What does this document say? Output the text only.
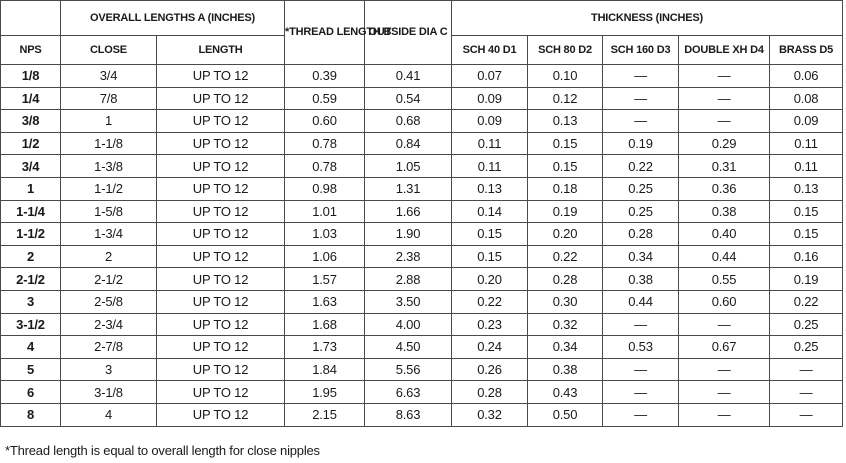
	OVERALL LENGTHS A (INCHES)		*THREAD LENGTH B	OUTSIDE DIA C	THICKNESS (INCHES)				
NPS	CLOSE	LENGTH			SCH 40 D1	SCH 80 D2	SCH 160 D3	DOUBLE XH D4	BRASS D5
1/8	3/4	UP TO 12	0.39	0.41	0.07	0.10	—	—	0.06
1/4	7/8	UP TO 12	0.59	0.54	0.09	0.12	—	—	0.08
3/8	1	UP TO 12	0.60	0.68	0.09	0.13	—	—	0.09
1/2	1-1/8	UP TO 12	0.78	0.84	0.11	0.15	0.19	0.29	0.11
3/4	1-3/8	UP TO 12	0.78	1.05	0.11	0.15	0.22	0.31	0.11
1	1-1/2	UP TO 12	0.98	1.31	0.13	0.18	0.25	0.36	0.13
1-1/4	1-5/8	UP TO 12	1.01	1.66	0.14	0.19	0.25	0.38	0.15
1-1/2	1-3/4	UP TO 12	1.03	1.90	0.15	0.20	0.28	0.40	0.15
2	2	UP TO 12	1.06	2.38	0.15	0.22	0.34	0.44	0.16
2-1/2	2-1/2	UP TO 12	1.57	2.88	0.20	0.28	0.38	0.55	0.19
3	2-5/8	UP TO 12	1.63	3.50	0.22	0.30	0.44	0.60	0.22
3-1/2	2-3/4	UP TO 12	1.68	4.00	0.23	0.32	—	—	0.25
4	2-7/8	UP TO 12	1.73	4.50	0.24	0.34	0.53	0.67	0.25
5	3	UP TO 12	1.84	5.56	0.26	0.38	—	—	—
6	3-1/8	UP TO 12	1.95	6.63	0.28	0.43	—	—	—
8	4	UP TO 12	2.15	8.63	0.32	0.50	—	—	—
*Thread length is equal to overall length for close nipples
